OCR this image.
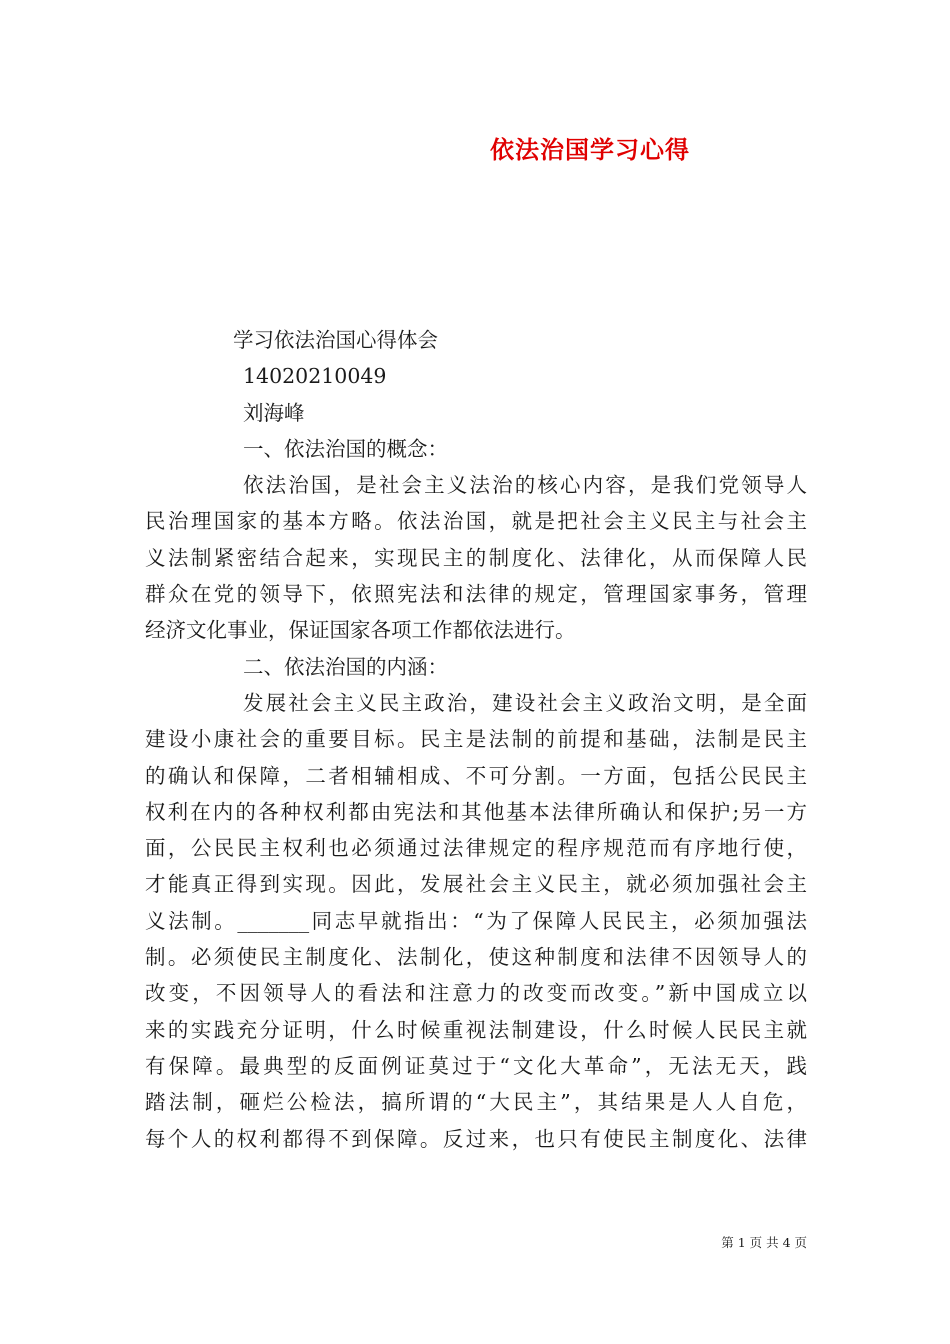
依法治国学习心得
学习依法治国心得体会
14020210049
刘海峰
一、依法治国的概念：
依法治国，是社会主义法治的核心内容，是我们党领导人
民治理国家的基本方略。依法治国，就是把社会主义民主与社会主
义法制紧密结合起来，实现民主的制度化、法律化，从而保障人民
群众在党的领导下，依照宪法和法律的规定，管理国家事务，管理
经济文化事业，保证国家各项工作都依法进行。
二、依法治国的内涵：
发展社会主义民主政治，建设社会主义政治文明，是全面
建设小康社会的重要目标。民主是法制的前提和基础，法制是民主
的确认和保障，二者相辅相成、不可分割。一方面，包括公民民主
权利在内的各种权利都由宪法和其他基本法律所确认和保护;另一方
面，公民民主权利也必须通过法律规定的程序规范而有序地行使，
才能真正得到实现。因此，发展社会主义民主，就必须加强社会主
义法制。_______同志早就指出：“为了保障人民民主，必须加强法
制。必须使民主制度化、法制化，使这种制度和法律不因领导人的
改变，不因领导人的看法和注意力的改变而改变。”新中国成立以
来的实践充分证明，什么时候重视法制建设，什么时候人民民主就
有保障。最典型的反面例证莫过于“文化大革命”，无法无天，践
踏法制，砸烂公检法，搞所谓的“大民主”，其结果是人人自危，
每个人的权利都得不到保障。反过来，也只有使民主制度化、法律
第 1 页 共 4 页
